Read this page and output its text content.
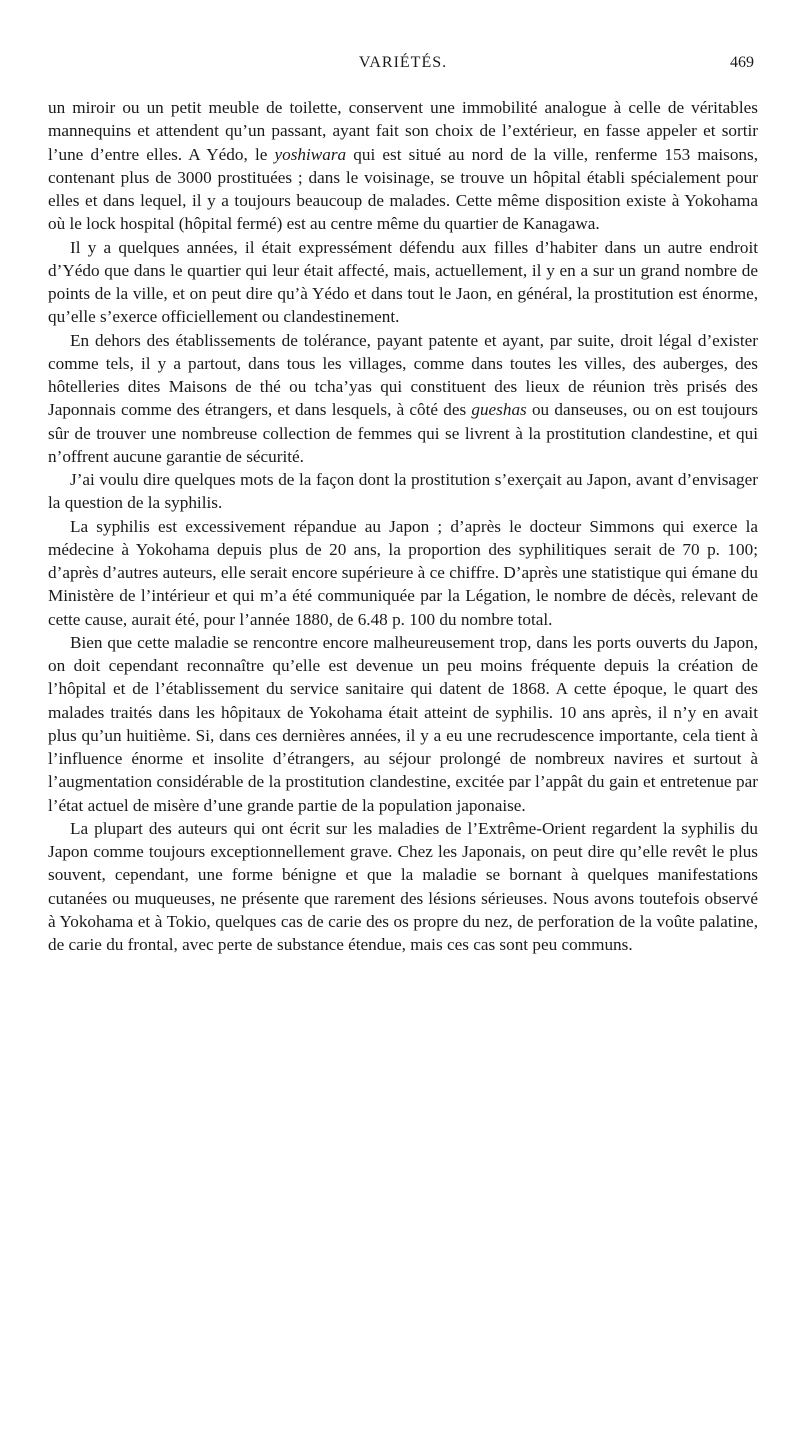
VARIÉTÉS.	469

un miroir ou un petit meuble de toilette, conservent une immobilité analogue à celle de véritables mannequins et attendent qu’un passant, ayant fait son choix de l’extérieur, en fasse appeler et sortir l’une d’entre elles. A Yédo, le yoshiwara qui est situé au nord de la ville, renferme 153 maisons, contenant plus de 3000 prostituées ; dans le voisinage, se trouve un hôpital établi spécialement pour elles et dans lequel, il y a toujours beaucoup de malades. Cette même disposition existe à Yokohama où le lock hospital (hôpital fermé) est au centre même du quartier de Kanagawa.

Il y a quelques années, il était expressément défendu aux filles d’habiter dans un autre endroit d’Yédo que dans le quartier qui leur était affecté, mais, actuellement, il y en a sur un grand nombre de points de la ville, et on peut dire qu’à Yédo et dans tout le Jaon, en général, la prostitution est énorme, qu’elle s’exerce officiellement ou clandestinement.

En dehors des établissements de tolérance, payant patente et ayant, par suite, droit légal d’exister comme tels, il y a partout, dans tous les villages, comme dans toutes les villes, des auberges, des hôtelleries dites Maisons de thé ou tcha’yas qui constituent des lieux de réunion très prisés des Japonnais comme des étrangers, et dans lesquels, à côté des gueshas ou danseuses, ou on est toujours sûr de trouver une nombreuse collection de femmes qui se livrent à la prostitution clandestine, et qui n’offrent aucune garantie de sécurité.

J’ai voulu dire quelques mots de la façon dont la prostitution s’exerçait au Japon, avant d’envisager la question de la syphilis.

La syphilis est excessivement répandue au Japon ; d’après le docteur Simmons qui exerce la médecine à Yokohama depuis plus de 20 ans, la proportion des syphilitiques serait de 70 p. 100; d’après d’autres auteurs, elle serait encore supérieure à ce chiffre. D’après une statistique qui émane du Ministère de l’intérieur et qui m’a été communiquée par la Légation, le nombre de décès, relevant de cette cause, aurait été, pour l’année 1880, de 6.48 p. 100 du nombre total.

Bien que cette maladie se rencontre encore malheureusement trop, dans les ports ouverts du Japon, on doit cependant reconnaître qu’elle est devenue un peu moins fréquente depuis la création de l’hôpital et de l’établissement du service sanitaire qui datent de 1868. A cette époque, le quart des malades traités dans les hôpitaux de Yokohama était atteint de syphilis. 10 ans après, il n’y en avait plus qu’un huitième. Si, dans ces dernières années, il y a eu une recrudescence importante, cela tient à l’influence énorme et insolite d’étrangers, au séjour prolongé de nombreux navires et surtout à l’augmentation considérable de la prostitution clandestine, excitée par l’appât du gain et entretenue par l’état actuel de misère d’une grande partie de la population japonaise.

La plupart des auteurs qui ont écrit sur les maladies de l’Extrême-Orient regardent la syphilis du Japon comme toujours exceptionnellement grave. Chez les Japonais, on peut dire qu’elle revêt le plus souvent, cependant, une forme bénigne et que la maladie se bornant à quelques manifestations cutanées ou muqueuses, ne présente que rarement des lésions sérieuses. Nous avons toutefois observé à Yokohama et à Tokio, quelques cas de carie des os propre du nez, de perforation de la voûte palatine, de carie du frontal, avec perte de substance étendue, mais ces cas sont peu communs.
